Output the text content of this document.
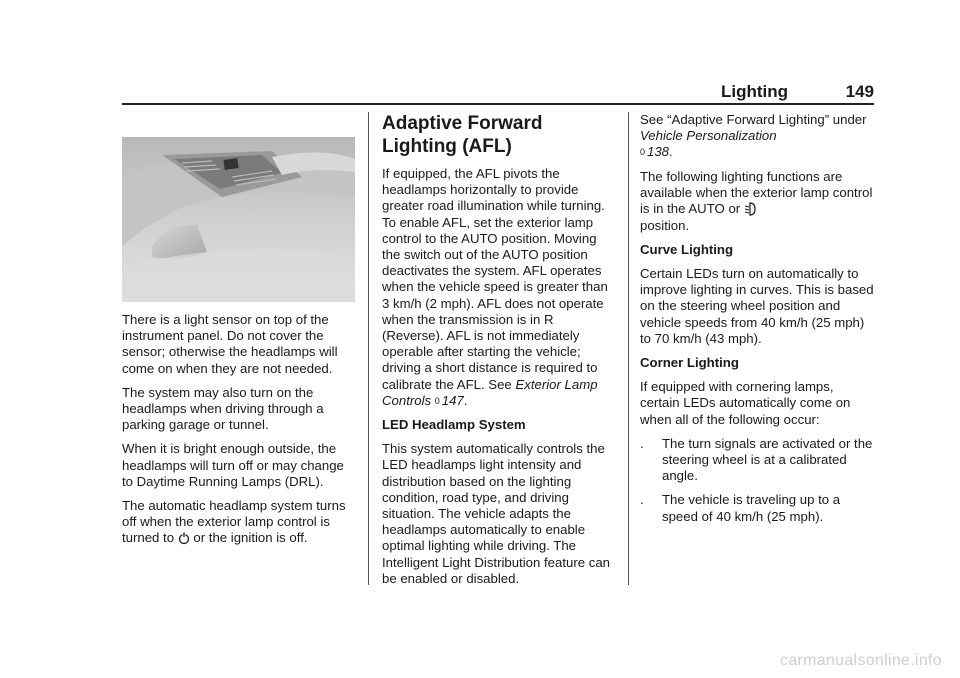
Lighting	149

There is a light sensor on top of the instrument panel. Do not cover the sensor; otherwise the headlamps will come on when they are not needed.

The system may also turn on the headlamps when driving through a parking garage or tunnel.

When it is bright enough outside, the headlamps will turn off or may change to Daytime Running Lamps (DRL).

The automatic headlamp system turns off when the exterior lamp control is turned to or the ignition is off.

Adaptive Forward Lighting (AFL)

If equipped, the AFL pivots the headlamps horizontally to provide greater road illumination while turning. To enable AFL, set the exterior lamp control to the AUTO position. Moving the switch out of the AUTO position deactivates the system. AFL operates when the vehicle speed is greater than 3 km/h (2 mph). AFL does not operate when the transmission is in R (Reverse). AFL is not immediately operable after starting the vehicle; driving a short distance is required to calibrate the AFL. See Exterior Lamp Controls 0 147.

LED Headlamp System

This system automatically controls the LED headlamps light intensity and distribution based on the lighting condition, road type, and driving situation. The vehicle adapts the headlamps automatically to enable optimal lighting while driving. The Intelligent Light Distribution feature can be enabled or disabled.

See “Adaptive Forward Lighting” under Vehicle Personalization
0 138.

The following lighting functions are available when the exterior lamp control is in the AUTO or
position.

Curve Lighting

Certain LEDs turn on automatically to improve lighting in curves. This is based on the steering wheel position and vehicle speeds from 40 km/h (25 mph) to 70 km/h (43 mph).

Corner Lighting

If equipped with cornering lamps, certain LEDs automatically come on when all of the following occur:

.	The turn signals are activated or the steering wheel is at a calibrated angle.
.	The vehicle is traveling up to a speed of 40 km/h (25 mph).
carmanualsonline.info
